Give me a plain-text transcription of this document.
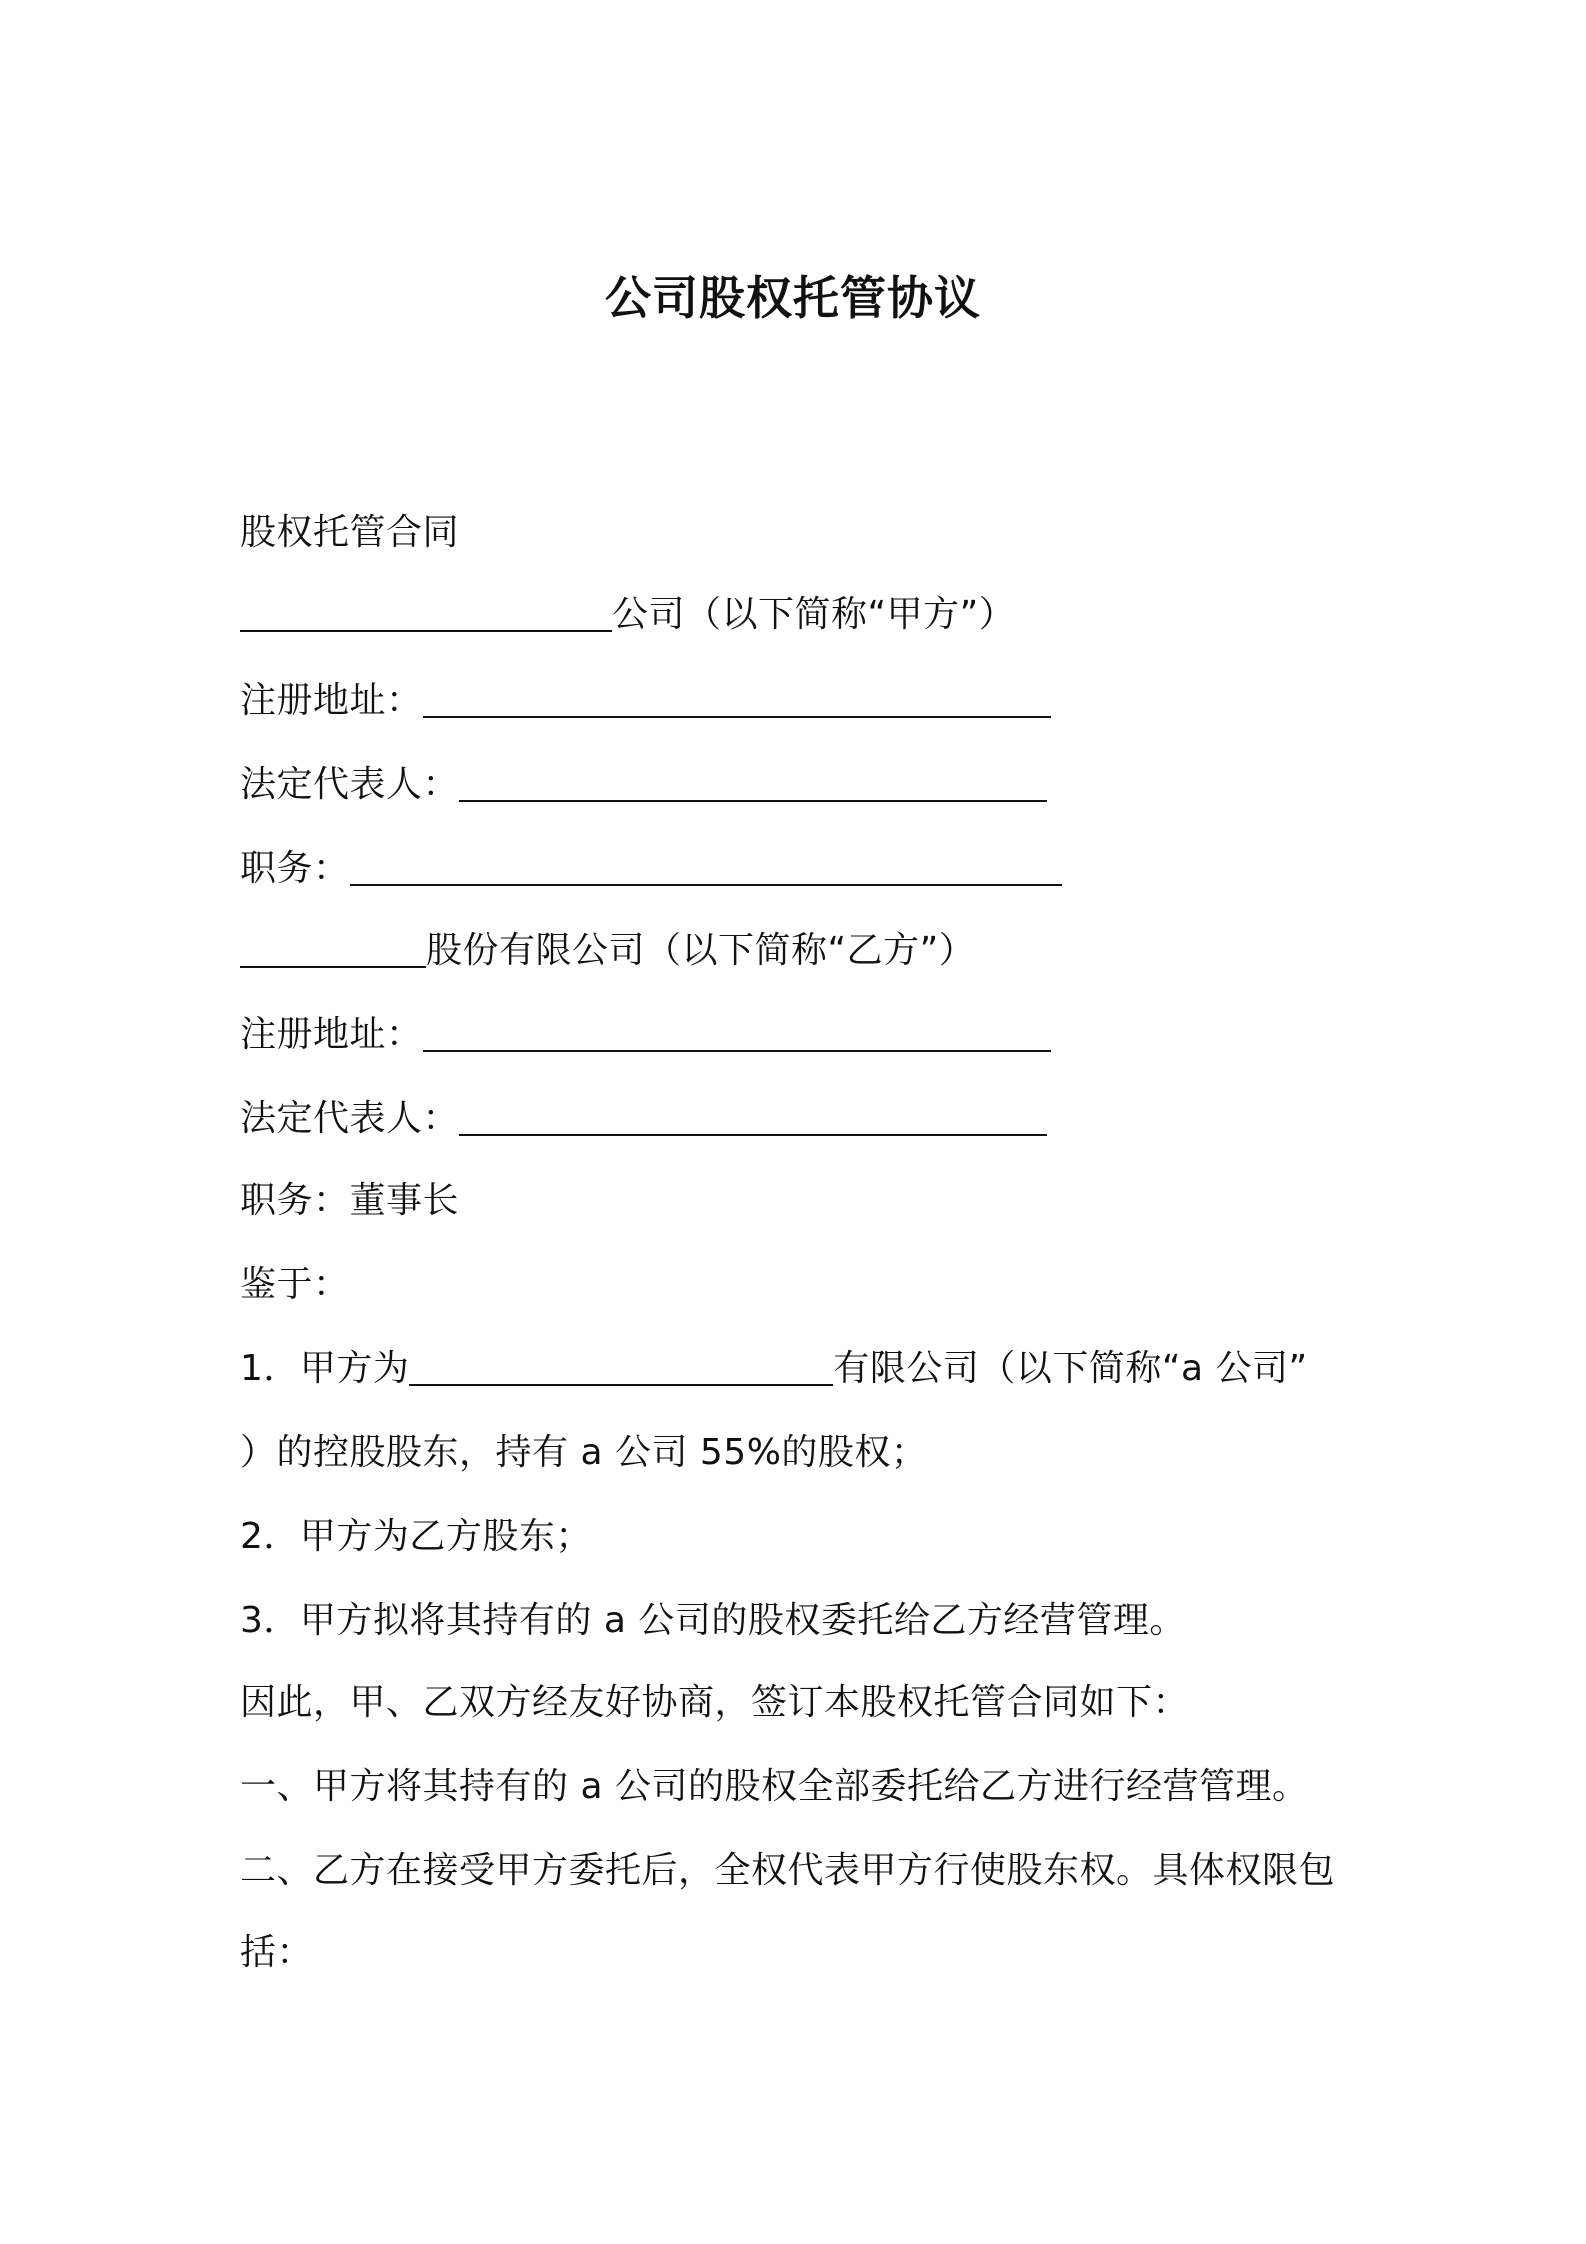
公司股权托管协议
股权托管合同
公司（以下简称“甲方”）
注册地址：
法定代表人：
职务：
股份有限公司（以下简称“乙方”）
注册地址：
法定代表人：
职务：董事长
鉴于：
1．甲方为	有限公司（以下简称“a 公司”
）的控股股东，持有 a 公司 55%的股权；
2．甲方为乙方股东；
3．甲方拟将其持有的 a 公司的股权委托给乙方经营管理。
因此，甲、乙双方经友好协商，签订本股权托管合同如下：
一、甲方将其持有的 a 公司的股权全部委托给乙方进行经营管理。
二、乙方在接受甲方委托后，全权代表甲方行使股东权。具体权限包
括：
